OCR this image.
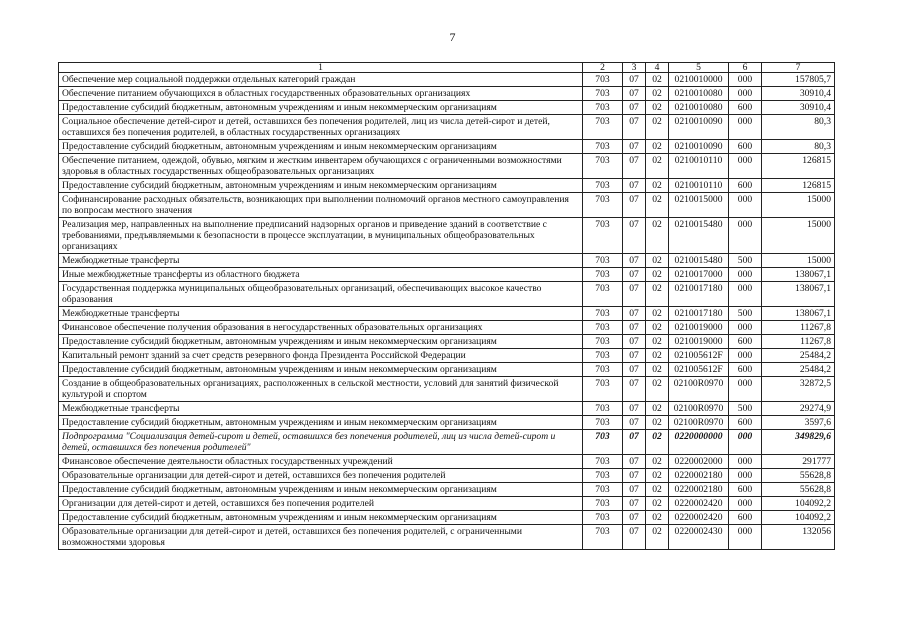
7
1	2	3	4	5	6	7
Обеспечение мер социальной поддержки отдельных категорий граждан	703	07	02	0210010000	000	157805,7
Обеспечение питанием обучающихся в областных государственных образовательных организациях	703	07	02	0210010080	000	30910,4
Предоставление субсидий бюджетным, автономным учреждениям и иным некоммерческим организациям	703	07	02	0210010080	600	30910,4
Социальное обеспечение детей-сирот и детей, оставшихся без попечения родителей, лиц из числа детей-сирот и детей, оставшихся без попечения родителей, в областных государственных организациях	703	07	02	0210010090	000	80,3
Предоставление субсидий бюджетным, автономным учреждениям и иным некоммерческим организациям	703	07	02	0210010090	600	80,3
Обеспечение питанием, одеждой, обувью, мягким и жестким инвентарем обучающихся с ограниченными возможностями здоровья в областных государственных общеобразовательных организациях	703	07	02	0210010110	000	126815
Предоставление субсидий бюджетным, автономным учреждениям и иным некоммерческим организациям	703	07	02	0210010110	600	126815
Софинансирование расходных обязательств, возникающих при выполнении полномочий органов местного самоуправления по вопросам местного значения	703	07	02	0210015000	000	15000
Реализация мер, направленных на выполнение предписаний надзорных органов и приведение зданий в соответствие с требованиями, предъявляемыми к безопасности в процессе эксплуатации, в муниципальных общеобразовательных организациях	703	07	02	0210015480	000	15000
Межбюджетные трансферты	703	07	02	0210015480	500	15000
Иные межбюджетные трансферты из областного бюджета	703	07	02	0210017000	000	138067,1
Государственная поддержка муниципальных общеобразовательных организаций, обеспечивающих высокое качество образования	703	07	02	0210017180	000	138067,1
Межбюджетные трансферты	703	07	02	0210017180	500	138067,1
Финансовое обеспечение получения образования в негосударственных образовательных организациях	703	07	02	0210019000	000	11267,8
Предоставление субсидий бюджетным, автономным учреждениям и иным некоммерческим организациям	703	07	02	0210019000	600	11267,8
Капитальный ремонт зданий за счет средств резервного фонда Президента Российской Федерации	703	07	02	021005612F	000	25484,2
Предоставление субсидий бюджетным, автономным учреждениям и иным некоммерческим организациям	703	07	02	021005612F	600	25484,2
Создание в общеобразовательных организациях, расположенных в сельской местности, условий для занятий физической культурой и спортом	703	07	02	02100R0970	000	32872,5
Межбюджетные трансферты	703	07	02	02100R0970	500	29274,9
Предоставление субсидий бюджетным, автономным учреждениям и иным некоммерческим организациям	703	07	02	02100R0970	600	3597,6
Подпрограмма "Социализация детей-сирот и детей, оставшихся без попечения родителей, лиц из числа детей-сирот и детей, оставшихся без попечения родителей"	703	07	02	0220000000	000	349829,6
Финансовое обеспечение деятельности областных государственных учреждений	703	07	02	0220002000	000	291777
Образовательные организации для детей-сирот и детей, оставшихся без попечения родителей	703	07	02	0220002180	000	55628,8
Предоставление субсидий бюджетным, автономным учреждениям и иным некоммерческим организациям	703	07	02	0220002180	600	55628,8
Организации для детей-сирот и детей, оставшихся без попечения родителей	703	07	02	0220002420	000	104092,2
Предоставление субсидий бюджетным, автономным учреждениям и иным некоммерческим организациям	703	07	02	0220002420	600	104092,2
Образовательные организации для детей-сирот и детей, оставшихся без попечения родителей, с ограниченными возможностями здоровья	703	07	02	0220002430	000	132056
